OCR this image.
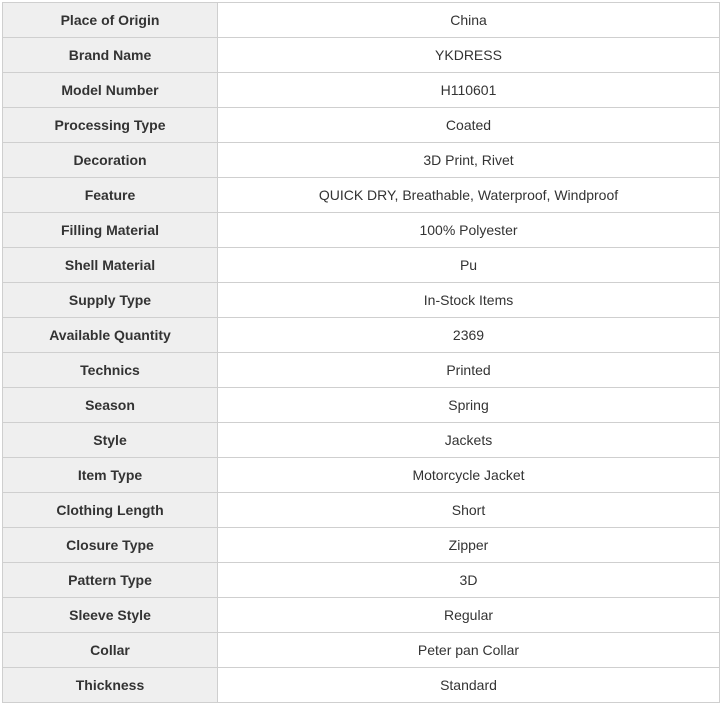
Place of Origin	China
Brand Name	YKDRESS
Model Number	H110601
Processing Type	Coated
Decoration	3D Print, Rivet
Feature	QUICK DRY, Breathable, Waterproof, Windproof
Filling Material	100% Polyester
Shell Material	Pu
Supply Type	In-Stock Items
Available Quantity	2369
Technics	Printed
Season	Spring
Style	Jackets
Item Type	Motorcycle Jacket
Clothing Length	Short
Closure Type	Zipper
Pattern Type	3D
Sleeve Style	Regular
Collar	Peter pan Collar
Thickness	Standard
